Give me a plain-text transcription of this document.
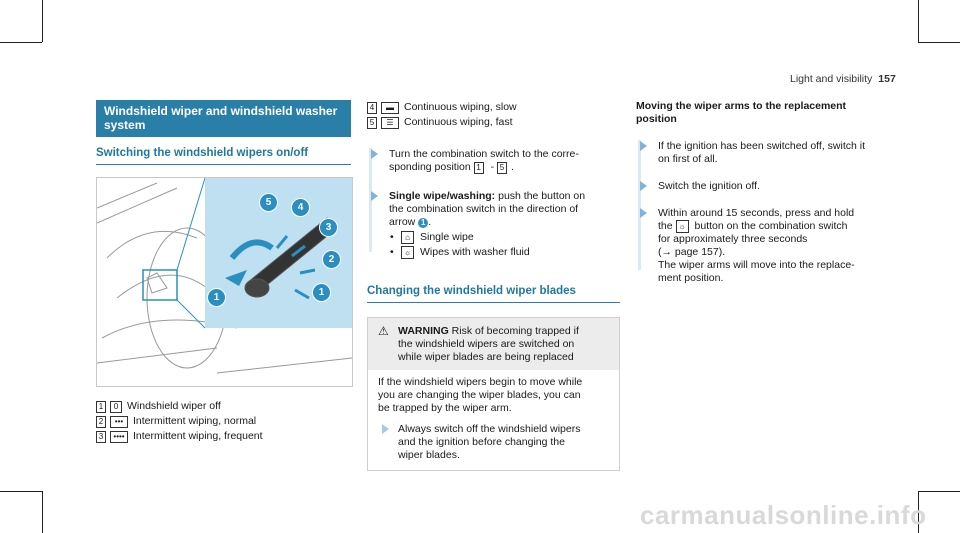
Light and visibility 157
Windshield wiper and windshield washer system
Switching the windshield wipers on/off
5	4
3
2
1
1
1	0 Windshield wiper off
2	••• Intermittent wiping, normal
3	•••• Intermittent wiping, frequent
4	▬ Continuous wiping, slow
5	☰ Continuous wiping, fast
Turn the combination switch to the corre-
sponding position 1 - 5 .
Single wipe/washing: push the button on
the combination switch in the direction of
arrow 1 .
• ⌂ Single wipe
• ☼ Wipes with washer fluid
Changing the windshield wiper blades
⚠ WARNING Risk of becoming trapped if
the windshield wipers are switched on
while wiper blades are being replaced
If the windshield wipers begin to move while
you are changing the wiper blades, you can
be trapped by the wiper arm.
Always switch off the windshield wipers
and the ignition before changing the
wiper blades.
Moving the wiper arms to the replacement
position
If the ignition has been switched off, switch it
on first of all.
Switch the ignition off.
Within around 15 seconds, press and hold
the
☼ button on the combination switch
for approximately three seconds
(→ page 157).
The wiper arms will move into the replace-
ment position.
carmanualsonline.info
